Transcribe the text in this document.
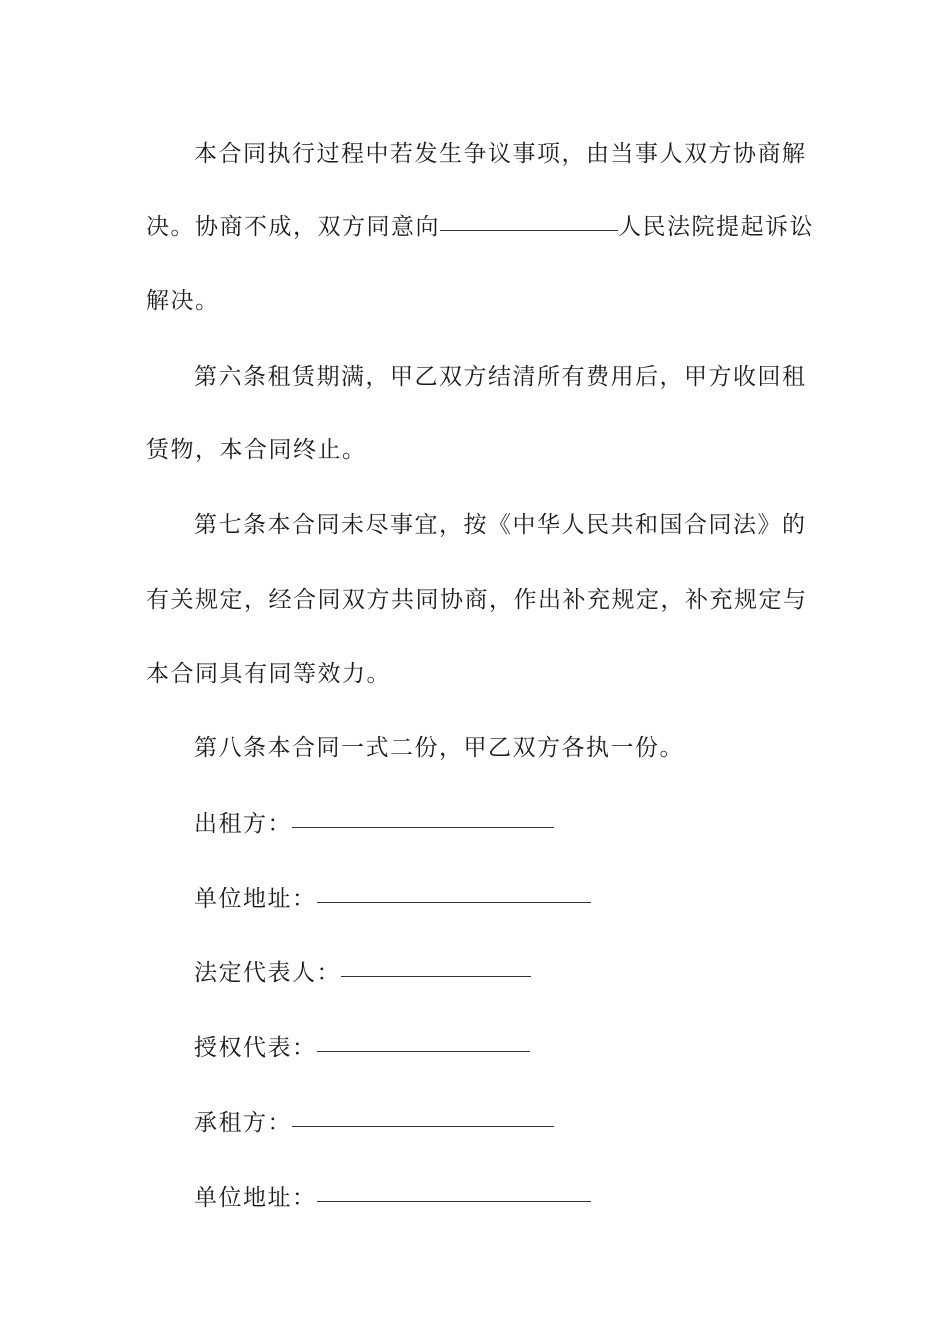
本合同执行过程中若发生争议事项，由当事人双方协商解
决。协商不成，双方同意向	人民法院提起诉讼
解决。
第六条租赁期满，甲乙双方结清所有费用后，甲方收回租
赁物，本合同终止。
第七条本合同未尽事宜，按《中华人民共和国合同法》的
有关规定，经合同双方共同协商，作出补充规定，补充规定与
本合同具有同等效力。
第八条本合同一式二份，甲乙双方各执一份。
出租方：
单位地址：
法定代表人：
授权代表：
承租方：
单位地址：
